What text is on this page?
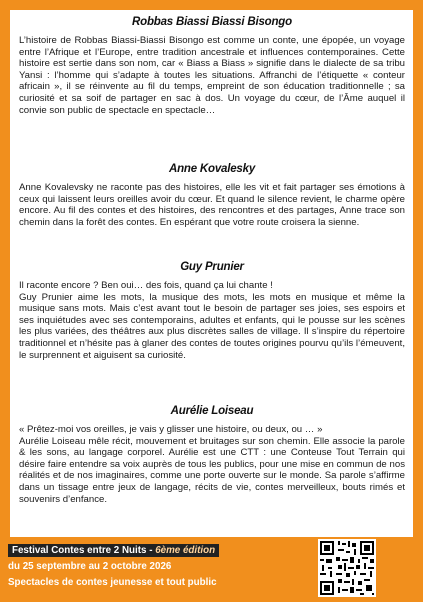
Robbas Biassi Biassi Bisongo

L’histoire de Robbas Biassi-Biassi Bisongo est comme un conte, une épopée, un voyage entre l’Afrique et l’Europe, entre tradition ancestrale et influences contemporaines. Cette histoire est sertie dans son nom, car « Biass a Biass » signifie dans le dialecte de sa tribu Yansi : l’homme qui s’adapte à toutes les situations. Affranchi de l’étiquette « conteur africain », il se réinvente au fil du temps, empreint de son éducation traditionnelle ; sa curiosité et sa soif de partager en sac à dos. Un voyage du cœur, de l’Âme auquel il convie son public de spectacle en spectacle…

Anne Kovalesky

Anne Kovalevsky ne raconte pas des histoires, elle les vit et fait partager ses émotions à ceux qui laissent leurs oreilles avoir du cœur. Et quand le silence revient, le charme opère encore. Au fil des contes et des histoires, des rencontres et des partages, Anne trace son chemin dans la forêt des contes. En espérant que votre route croisera la sienne.

Guy Prunier

Il raconte encore ? Ben oui… des fois, quand ça lui chante !

Guy Prunier aime les mots, la musique des mots, les mots en musique et même la musique sans mots. Mais c’est avant tout le besoin de partager ses joies, ses espoirs et ses inquiétudes avec ses contemporains, adultes et enfants, qui le pousse sur les scènes les plus variées, des théâtres aux plus discrètes salles de village. Il s’inspire du répertoire traditionnel et n’hésite pas à glaner des contes de toutes origines pourvu qu’ils l’émeuvent, le surprennent et aiguisent sa curiosité.

Aurélie Loiseau

« Prêtez-moi vos oreilles, je vais y glisser une histoire, ou deux, ou … »

Aurélie Loiseau mêle récit, mouvement et bruitages sur son chemin. Elle associe la parole & les sons, au langage corporel. Aurélie est une CTT : une Conteuse Tout Terrain qui désire faire entendre sa voix auprès de tous les publics, pour une mise en commun de nos réalités et de nos imaginaires, comme une porte ouverte sur le monde. Sa parole s’affirme dans un tissage entre jeux de langage, récits de vie, contes merveilleux, bouts rimés et souvenirs d’enfance.

Festival Contes entre 2 Nuits - 6ème édition
du 25 septembre au 2 octobre 2026
Spectacles de contes jeunesse et tout public
